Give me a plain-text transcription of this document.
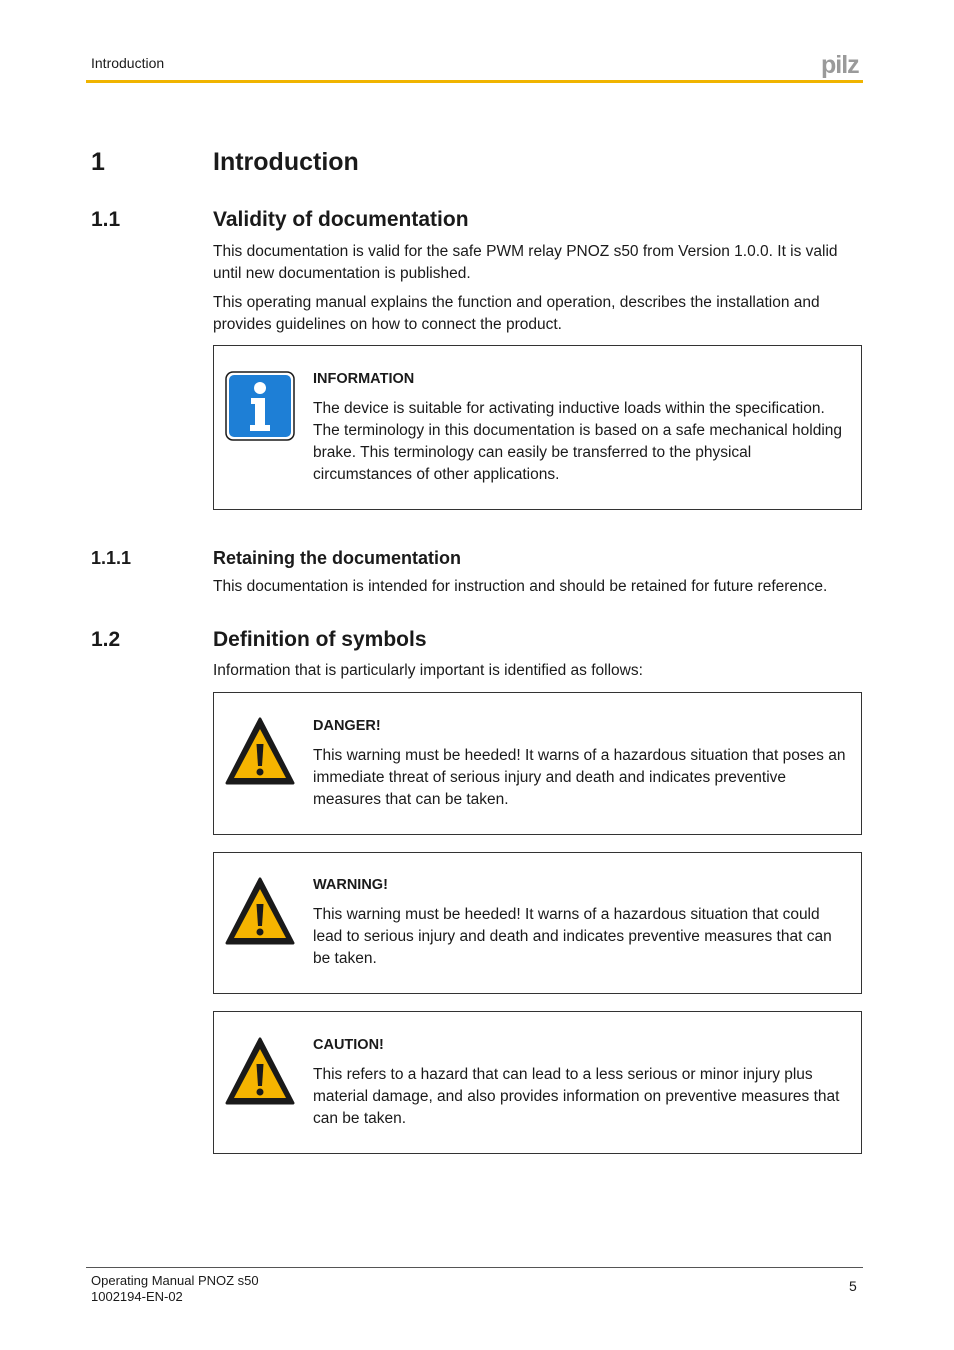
Introduction	pilz
1	Introduction
1.1	Validity of documentation

This documentation is valid for the safe PWM relay PNOZ s50 from Version 1.0.0. It is valid until new documentation is published.

This operating manual explains the function and operation, describes the installation and provides guidelines on how to connect the product.

INFORMATION

The device is suitable for activating inductive loads within the specification. The terminology in this documentation is based on a safe mechanical holding brake. This terminology can easily be transferred to the physical circumstances of other applications.

1.1.1	Retaining the documentation

This documentation is intended for instruction and should be retained for future reference.

1.2	Definition of symbols

Information that is particularly important is identified as follows:

DANGER!

This warning must be heeded! It warns of a hazardous situation that poses an immediate threat of serious injury and death and indicates preventive measures that can be taken.

WARNING!

This warning must be heeded! It warns of a hazardous situation that could lead to serious injury and death and indicates preventive measures that can be taken.

CAUTION!

This refers to a hazard that can lead to a less serious or minor injury plus material damage, and also provides information on preventive measures that can be taken.

Operating Manual PNOZ s50
1002194-EN-02
5
